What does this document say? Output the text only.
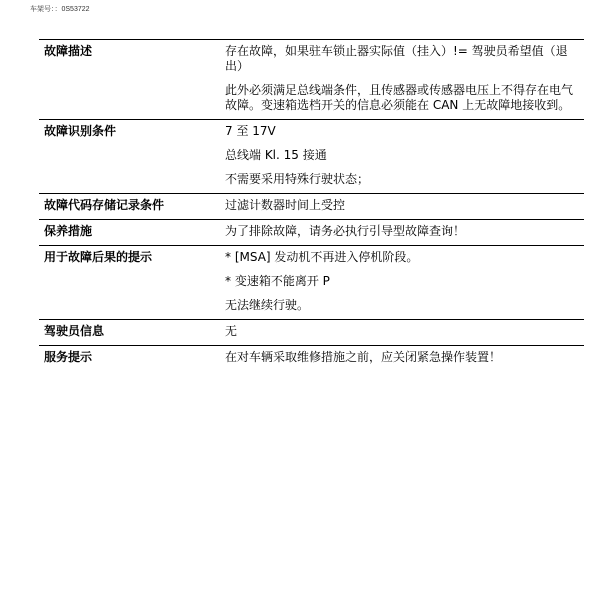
车架号：：0S53722
故障描述	存在故障，如果驻车锁止器实际值（挂入）!= 驾驶员希望值（退出）
此外必须满足总线端条件，且传感器或传感器电压上不得存在电气故障。变速箱选档开关的信息必须能在 CAN 上无故障地接收到。

故障识别条件	7 至 17V
总线端 Kl. 15 接通
不需要采用特殊行驶状态；

故障代码存储记录条件	过滤计数器时间上受控

保养措施	为了排除故障，请务必执行引导型故障查询！

用于故障后果的提示	* [MSA] 发动机不再进入停机阶段。
* 变速箱不能离开 P
无法继续行驶。

驾驶员信息	无

服务提示	在对车辆采取维修措施之前，应关闭紧急操作装置！
